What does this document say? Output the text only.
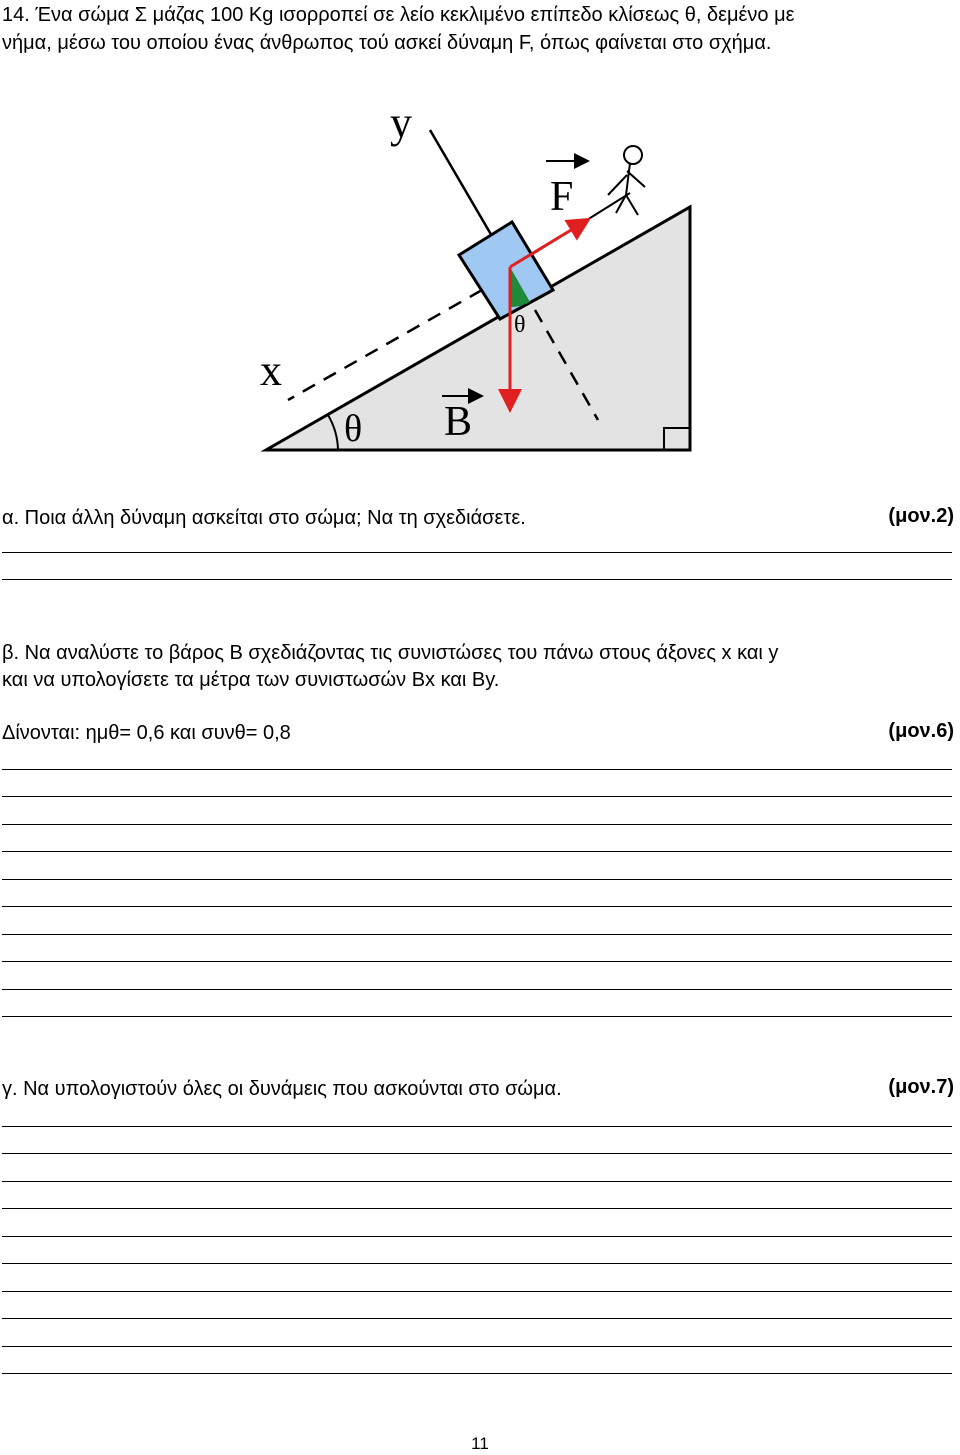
14. Ένα σώμα Σ μάζας 100 Kg ισορροπεί σε λείο κεκλιμένο επίπεδο κλίσεως θ, δεμένο με
νήμα, μέσω του οποίου ένας άνθρωπος τού ασκεί δύναμη F, όπως φαίνεται στο σχήμα.
y
x
F
B
θ
θ
α. Ποια άλλη δύναμη ασκείται στο σώμα; Να τη σχεδιάσετε.	(μον.2)
β. Να αναλύστε το βάρος Β σχεδιάζοντας τις συνιστώσες του πάνω στους άξονες x και y
και να υπολογίσετε τα μέτρα των συνιστωσών Bx και By.
Δίνονται: ημθ= 0,6 και συνθ= 0,8	(μον.6)
γ. Να υπολογιστούν όλες οι δυνάμεις που ασκούνται στο σώμα.	(μον.7)
11
